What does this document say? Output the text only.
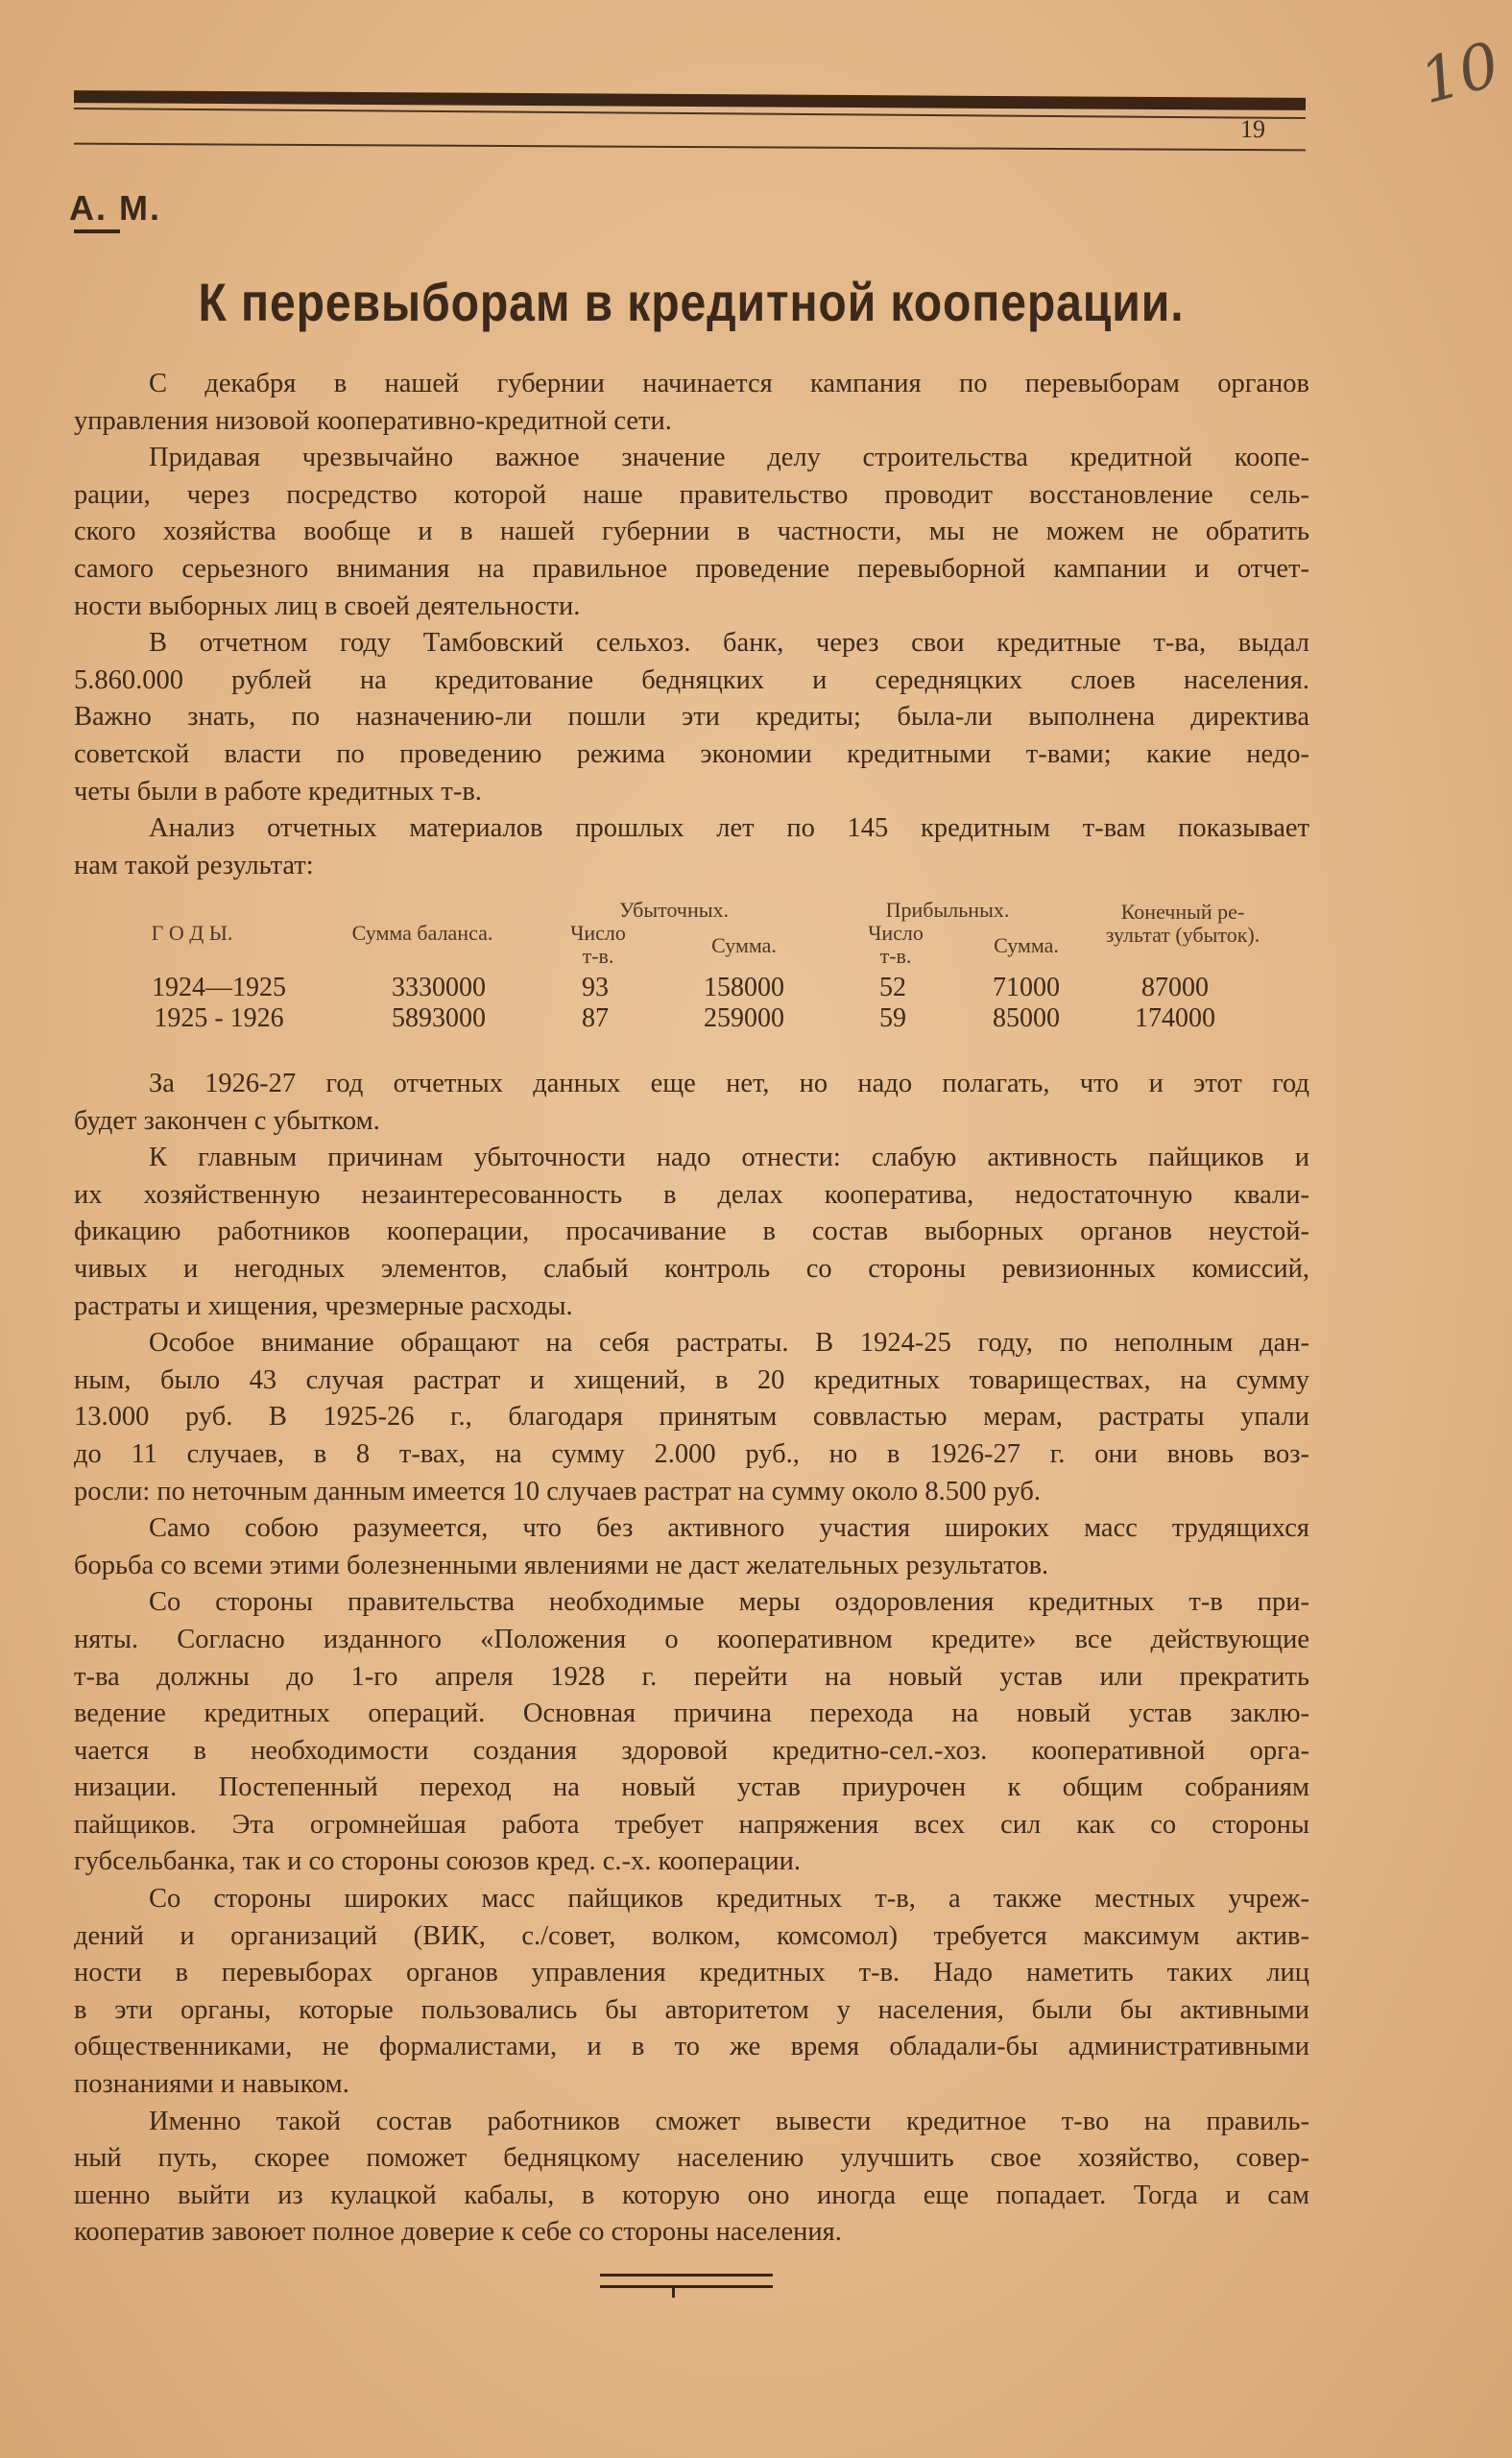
19
10
А. М.
К перевыборам в кредитной кооперации.
С декабря в нашей губернии начинается кампания по перевыборам органов
управления низовой кооперативно-кредитной сети.
Придавая чрезвычайно важное значение делу строительства кредитной коопе-
рации, через посредство которой наше правительство проводит восстановление сель-
ского хозяйства вообще и в нашей губернии в частности, мы не можем не обратить
самого серьезного внимания на правильное проведение перевыборной кампании и отчет-
ности выборных лиц в своей деятельности.
В отчетном году Тамбовский сельхоз. банк, через свои кредитные т-ва, выдал
5.860.000 рублей на кредитование бедняцких и середняцких слоев населения.
Важно знать, по назначению-ли пошли эти кредиты; была-ли выполнена директива
советской власти по проведению режима экономии кредитными т-вами; какие недо-
четы были в работе кредитных т-в.
Анализ отчетных материалов прошлых лет по 145 кредитным т-вам показывает
нам такой результат:
Г О Д Ы.	Сумма баланса.
Убыточных.
Число т-в.	Сумма.
Прибыльных.
Число т-в.	Сумма.
Конечный ре- зультат (убыток).
1924—1925	3330000	93	158000	52	71000	87000
1925 - 1926	5893000	87	259000	59	85000	174000
За 1926-27 год отчетных данных еще нет, но надо полагать, что и этот год
будет закончен с убытком.
К главным причинам убыточности надо отнести: слабую активность пайщиков и
их хозяйственную незаинтересованность в делах кооператива, недостаточную квали-
фикацию работников кооперации, просачивание в состав выборных органов неустой-
чивых и негодных элементов, слабый контроль со стороны ревизионных комиссий,
растраты и хищения, чрезмерные расходы.
Особое внимание обращают на себя растраты. В 1924-25 году, по неполным дан-
ным, было 43 случая растрат и хищений, в 20 кредитных товариществах, на сумму
13.000 руб. В 1925-26 г., благодаря принятым соввластью мерам, растраты упали
до 11 случаев, в 8 т-вах, на сумму 2.000 руб., но в 1926-27 г. они вновь воз-
росли: по неточным данным имеется 10 случаев растрат на сумму около 8.500 руб.
Само собою разумеется, что без активного участия широких масс трудящихся
борьба со всеми этими болезненными явлениями не даст желательных результатов.
Со стороны правительства необходимые меры оздоровления кредитных т-в при-
няты. Согласно изданного «Положения о кооперативном кредите» все действующие
т-ва должны до 1-го апреля 1928 г. перейти на новый устав или прекратить
ведение кредитных операций. Основная причина перехода на новый устав заклю-
чается в необходимости создания здоровой кредитно-сел.-хоз. кооперативной орга-
низации. Постепенный переход на новый устав приурочен к общим собраниям
пайщиков. Эта огромнейшая работа требует напряжения всех сил как со стороны
губсельбанка, так и со стороны союзов кред. с.-х. кооперации.
Со стороны широких масс пайщиков кредитных т-в, а также местных учреж-
дений и организаций (ВИК, с./совет, волком, комсомол) требуется максимум актив-
ности в перевыборах органов управления кредитных т-в. Надо наметить таких лиц
в эти органы, которые пользовались бы авторитетом у населения, были бы активными
общественниками, не формалистами, и в то же время обладали-бы административными
познаниями и навыком.
Именно такой состав работников сможет вывести кредитное т-во на правиль-
ный путь, скорее поможет бедняцкому населению улучшить свое хозяйство, совер-
шенно выйти из кулацкой кабалы, в которую оно иногда еще попадает. Тогда и сам
кооператив завоюет полное доверие к себе со стороны населения.
